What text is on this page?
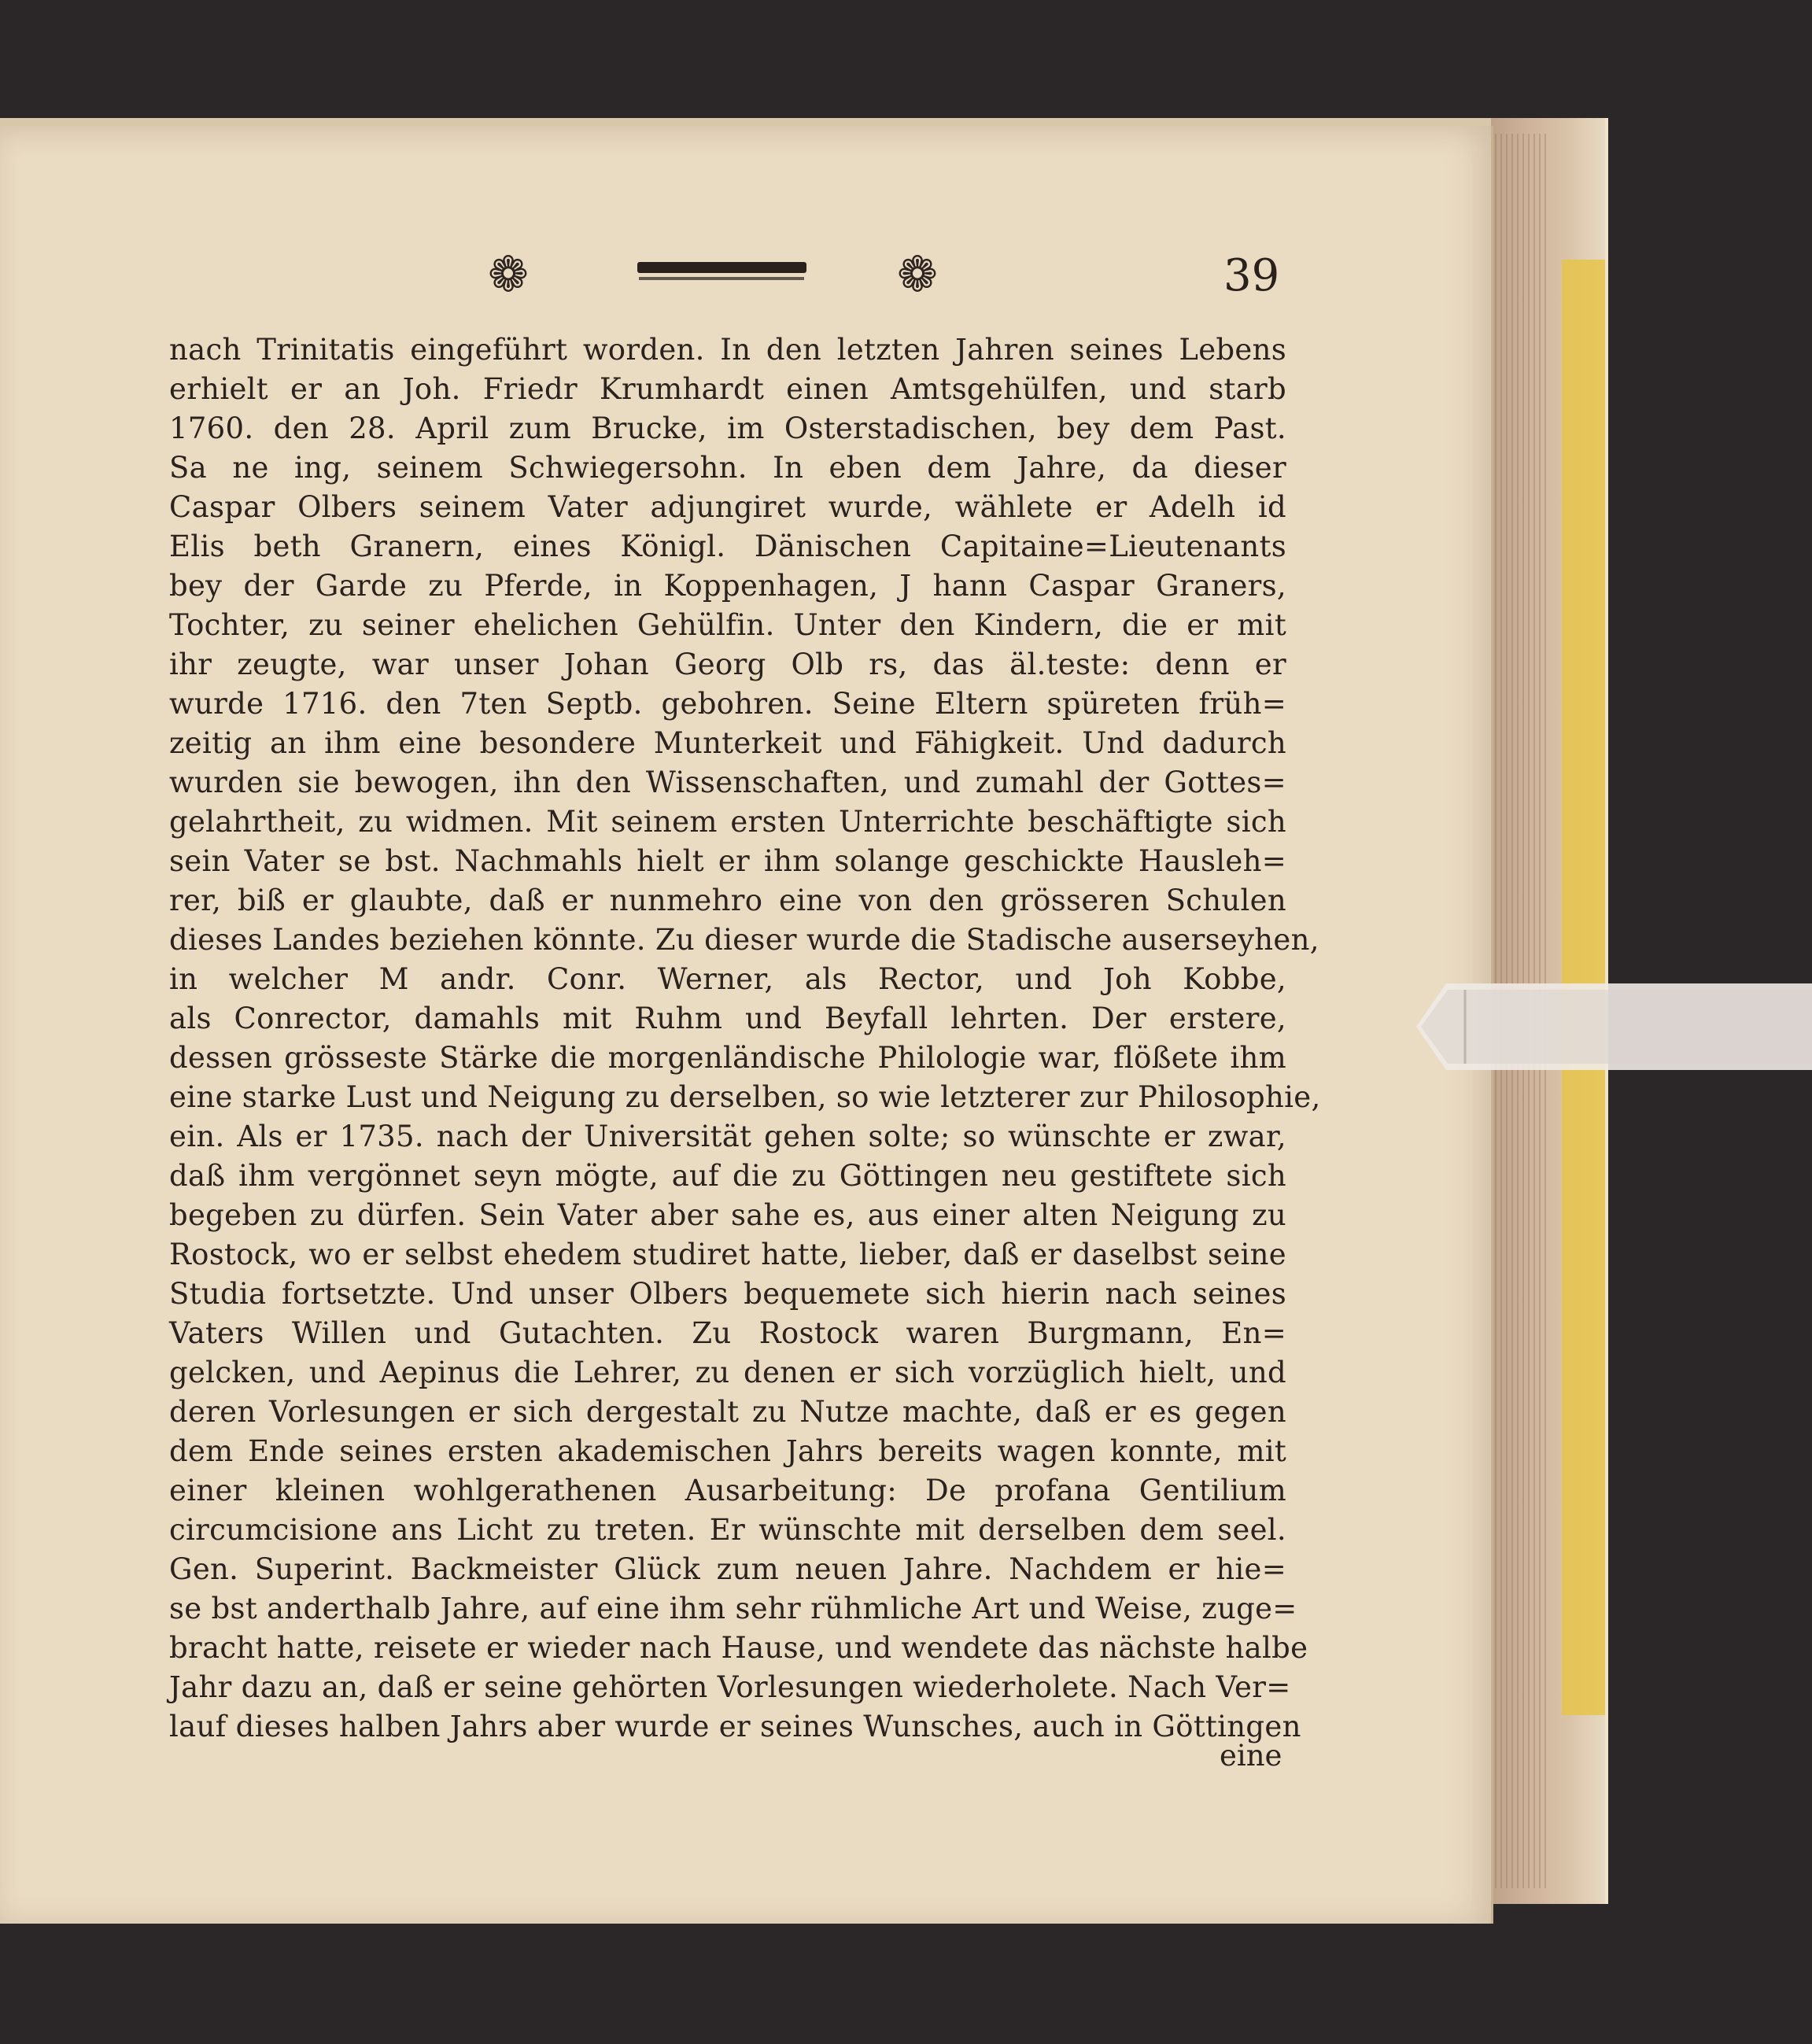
❁	❁	39
nach Trinitatis eingeführt worden. In den letzten Jahren seines Lebens
erhielt er an Joh. Friedr Krumhardt einen Amtsgehülfen, und starb
1760. den 28. April zum Brucke, im Osterstadischen, bey dem Past.
Sa ne ing, seinem Schwiegersohn. In eben dem Jahre, da dieser
Caspar Olbers seinem Vater adjungiret wurde, wählete er Adelh id
Elis beth Granern, eines Königl. Dänischen Capitaine=Lieutenants
bey der Garde zu Pferde, in Koppenhagen, J hann Caspar Graners,
Tochter, zu seiner ehelichen Gehülfin. Unter den Kindern, die er mit
ihr zeugte, war unser Johan Georg Olb rs, das äl.teste: denn er
wurde 1716. den 7ten Septb. gebohren. Seine Eltern spüreten früh=
zeitig an ihm eine besondere Munterkeit und Fähigkeit. Und dadurch
wurden sie bewogen, ihn den Wissenschaften, und zumahl der Gottes=
gelahrtheit, zu widmen. Mit seinem ersten Unterrichte beschäftigte sich
sein Vater se bst. Nachmahls hielt er ihm solange geschickte Hausleh=
rer, biß er glaubte, daß er nunmehro eine von den grösseren Schulen
dieses Landes beziehen könnte. Zu dieser wurde die Stadische auserseyhen,
in welcher M andr. Conr. Werner, als Rector, und Joh Kobbe,
als Conrector, damahls mit Ruhm und Beyfall lehrten. Der erstere,
dessen grösseste Stärke die morgenländische Philologie war, flößete ihm
eine starke Lust und Neigung zu derselben, so wie letzterer zur Philosophie,
ein. Als er 1735. nach der Universität gehen solte; so wünschte er zwar,
daß ihm vergönnet seyn mögte, auf die zu Göttingen neu gestiftete sich
begeben zu dürfen. Sein Vater aber sahe es, aus einer alten Neigung zu
Rostock, wo er selbst ehedem studiret hatte, lieber, daß er daselbst seine
Studia fortsetzte. Und unser Olbers bequemete sich hierin nach seines
Vaters Willen und Gutachten. Zu Rostock waren Burgmann, En=
gelcken, und Aepinus die Lehrer, zu denen er sich vorzüglich hielt, und
deren Vorlesungen er sich dergestalt zu Nutze machte, daß er es gegen
dem Ende seines ersten akademischen Jahrs bereits wagen konnte, mit
einer kleinen wohlgerathenen Ausarbeitung: De profana Gentilium
circumcisione ans Licht zu treten. Er wünschte mit derselben dem seel.
Gen. Superint. Backmeister Glück zum neuen Jahre. Nachdem er hie=
se bst anderthalb Jahre, auf eine ihm sehr rühmliche Art und Weise, zuge=
bracht hatte, reisete er wieder nach Hause, und wendete das nächste halbe
Jahr dazu an, daß er seine gehörten Vorlesungen wiederholete. Nach Ver=
lauf dieses halben Jahrs aber wurde er seines Wunsches, auch in Göttingen
eine
